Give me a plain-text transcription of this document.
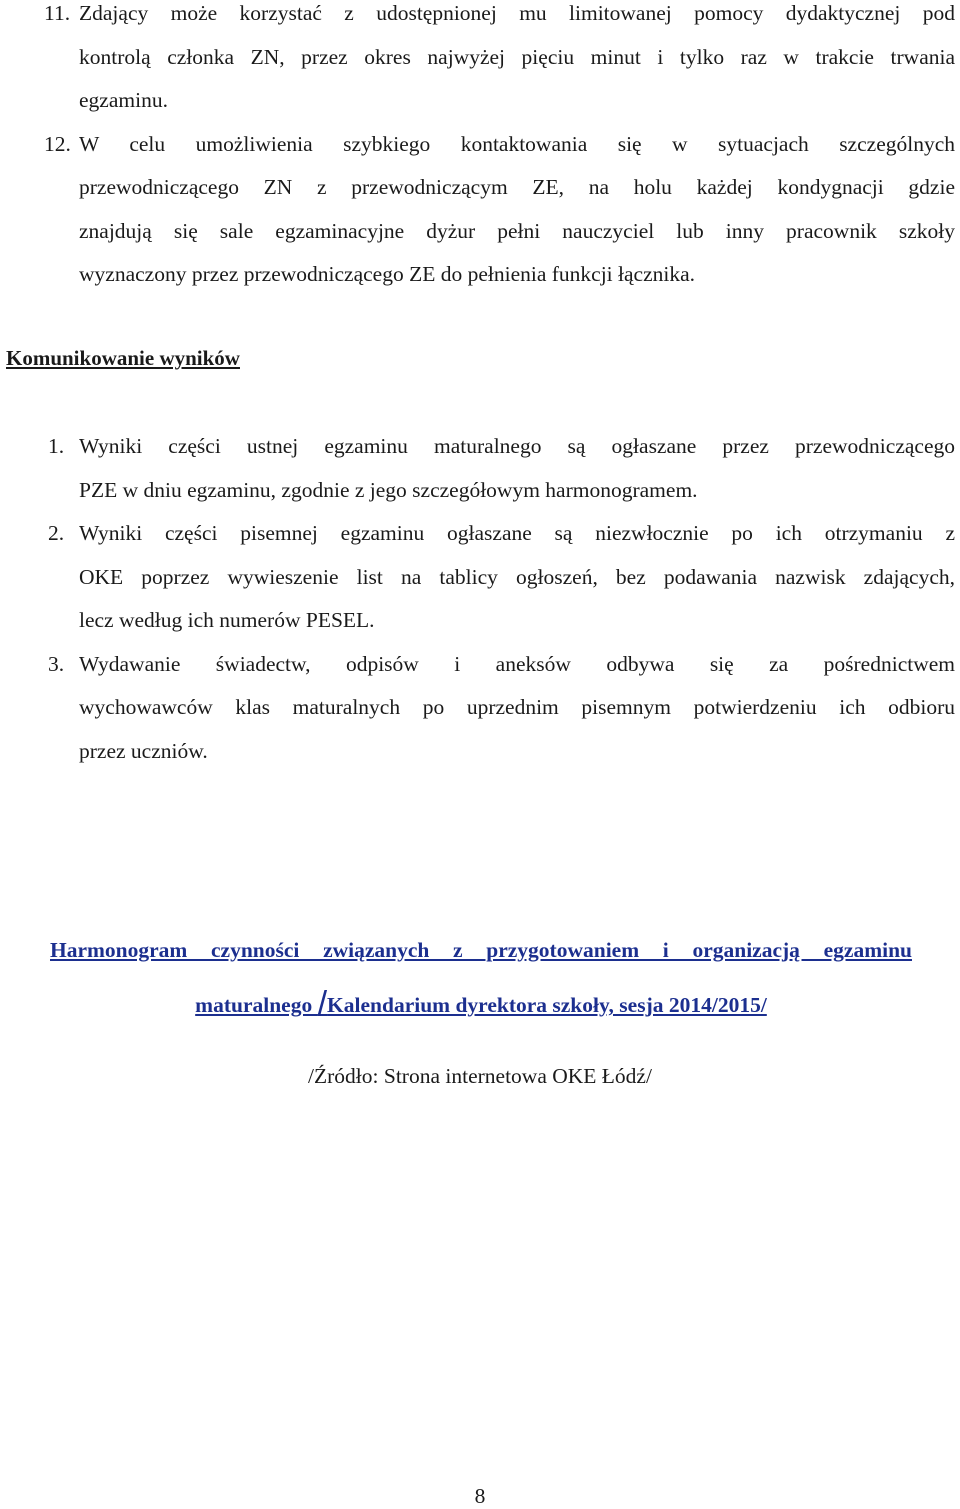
11. Zdający może korzystać z udostępnionej mu limitowanej pomocy dydaktycznej pod
kontrolą członka ZN, przez okres najwyżej pięciu minut i tylko raz w trakcie trwania
egzaminu.
12. W celu umożliwienia szybkiego kontaktowania się w sytuacjach szczególnych
przewodniczącego ZN z przewodniczącym ZE, na holu każdej kondygnacji gdzie
znajdują się sale egzaminacyjne dyżur pełni nauczyciel lub inny pracownik szkoły
wyznaczony przez przewodniczącego ZE do pełnienia funkcji łącznika.
Komunikowanie wyników
1. Wyniki części ustnej egzaminu maturalnego są ogłaszane przez przewodniczącego
PZE w dniu egzaminu, zgodnie z jego szczegółowym harmonogramem.
2. Wyniki części pisemnej egzaminu ogłaszane są niezwłocznie po ich otrzymaniu z
OKE poprzez wywieszenie list na tablicy ogłoszeń, bez podawania nazwisk zdających,
lecz według ich numerów PESEL.
3. Wydawanie świadectw, odpisów i aneksów odbywa się za pośrednictwem
wychowawców klas maturalnych po uprzednim pisemnym potwierdzeniu ich odbioru
przez uczniów.
Harmonogram czynności związanych z przygotowaniem i organizacją egzaminu
maturalnego /Kalendarium dyrektora szkoły, sesja 2014/2015/
/Źródło: Strona internetowa OKE Łódź/
8
